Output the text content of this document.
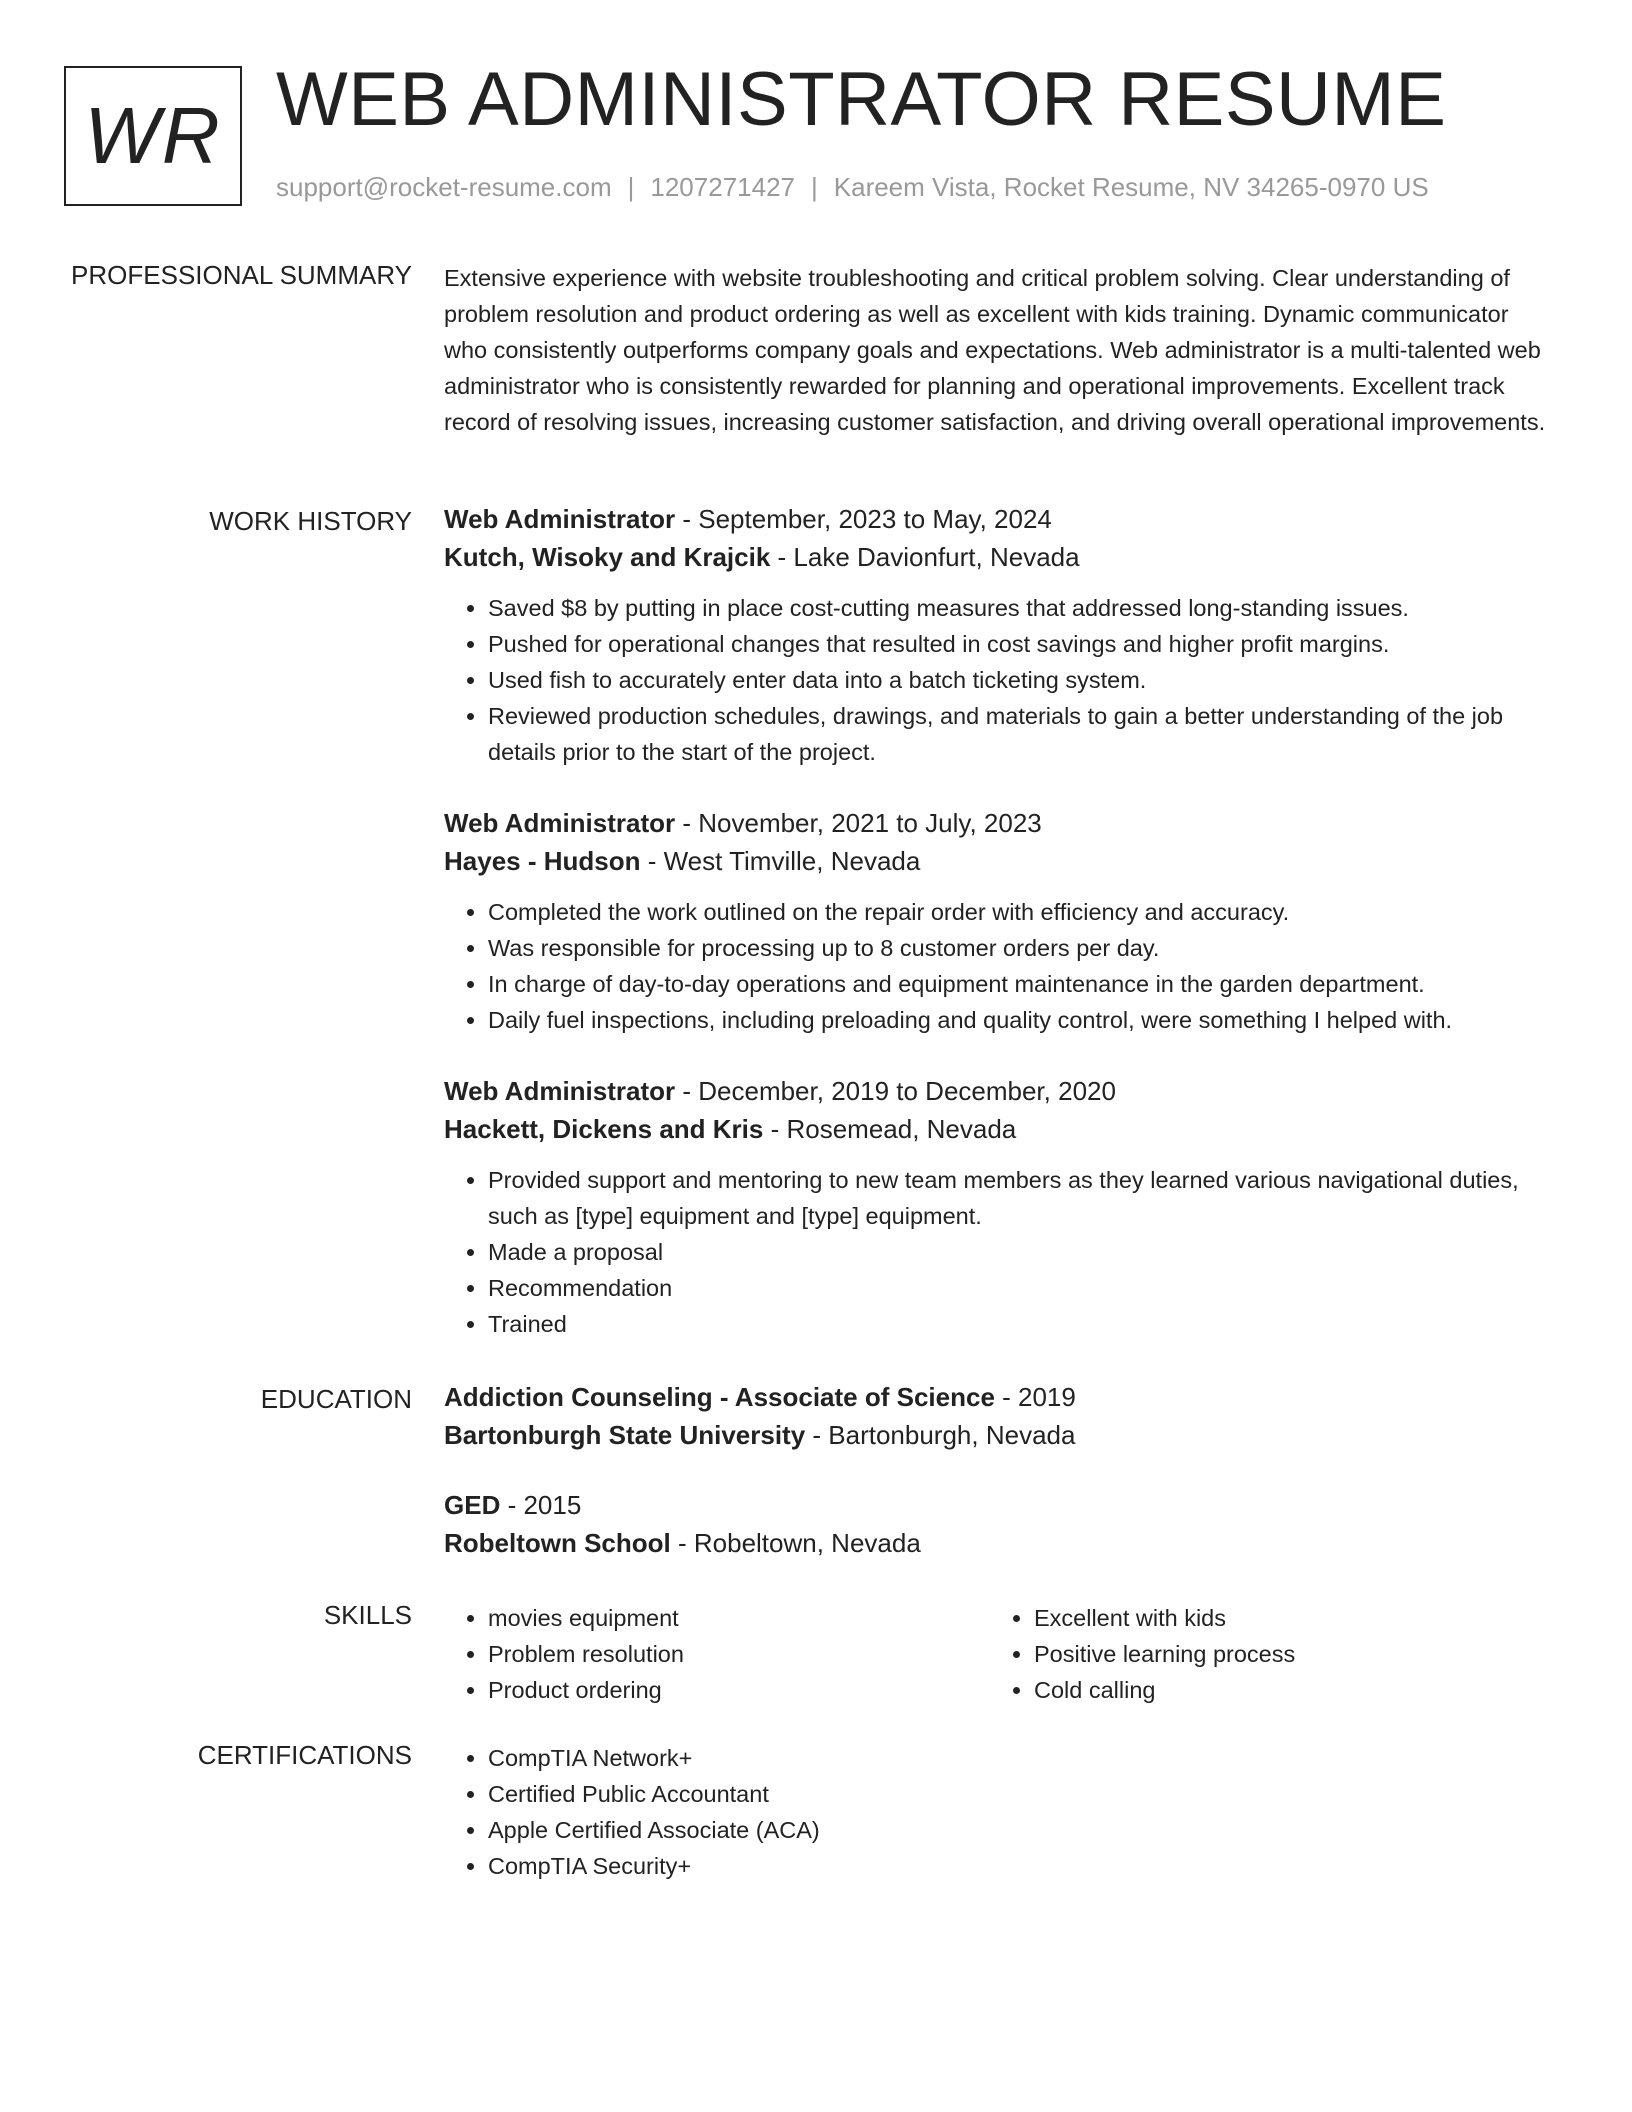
WR WEB ADMINISTRATOR RESUME
support@rocket-resume.com | 1207271427 | Kareem Vista, Rocket Resume, NV 34265-0970 US
PROFESSIONAL SUMMARY Extensive experience with website troubleshooting and critical problem solving. Clear understanding of problem resolution and product ordering as well as excellent with kids training. Dynamic communicator who consistently outperforms company goals and expectations. Web administrator is a multi-talented web administrator who is consistently rewarded for planning and operational improvements. Excellent track record of resolving issues, increasing customer satisfaction, and driving overall operational improvements.

WORK HISTORY Web Administrator - September, 2023 to May, 2024
Kutch, Wisoky and Krajcik - Lake Davionfurt, Nevada
• Saved $8 by putting in place cost-cutting measures that addressed long-standing issues.
• Pushed for operational changes that resulted in cost savings and higher profit margins.
• Used fish to accurately enter data into a batch ticketing system.
• Reviewed production schedules, drawings, and materials to gain a better understanding of the job details prior to the start of the project.
Web Administrator - November, 2021 to July, 2023
Hayes - Hudson - West Timville, Nevada
• Completed the work outlined on the repair order with efficiency and accuracy.
• Was responsible for processing up to 8 customer orders per day.
• In charge of day-to-day operations and equipment maintenance in the garden department.
• Daily fuel inspections, including preloading and quality control, were something I helped with.
Web Administrator - December, 2019 to December, 2020
Hackett, Dickens and Kris - Rosemead, Nevada
• Provided support and mentoring to new team members as they learned various navigational duties, such as [type] equipment and [type] equipment.
• Made a proposal
• Recommendation
• Trained
EDUCATION Addiction Counseling - Associate of Science - 2019
Bartonburgh State University - Bartonburgh, Nevada
GED - 2015
Robeltown School - Robeltown, Nevada
SKILLS	• movies equipment
• Problem resolution
• Product ordering
• Excellent with kids
• Positive learning process
• Cold calling
CERTIFICATIONS	• CompTIA Network+
• Certified Public Accountant
• Apple Certified Associate (ACA)
• CompTIA Security+
